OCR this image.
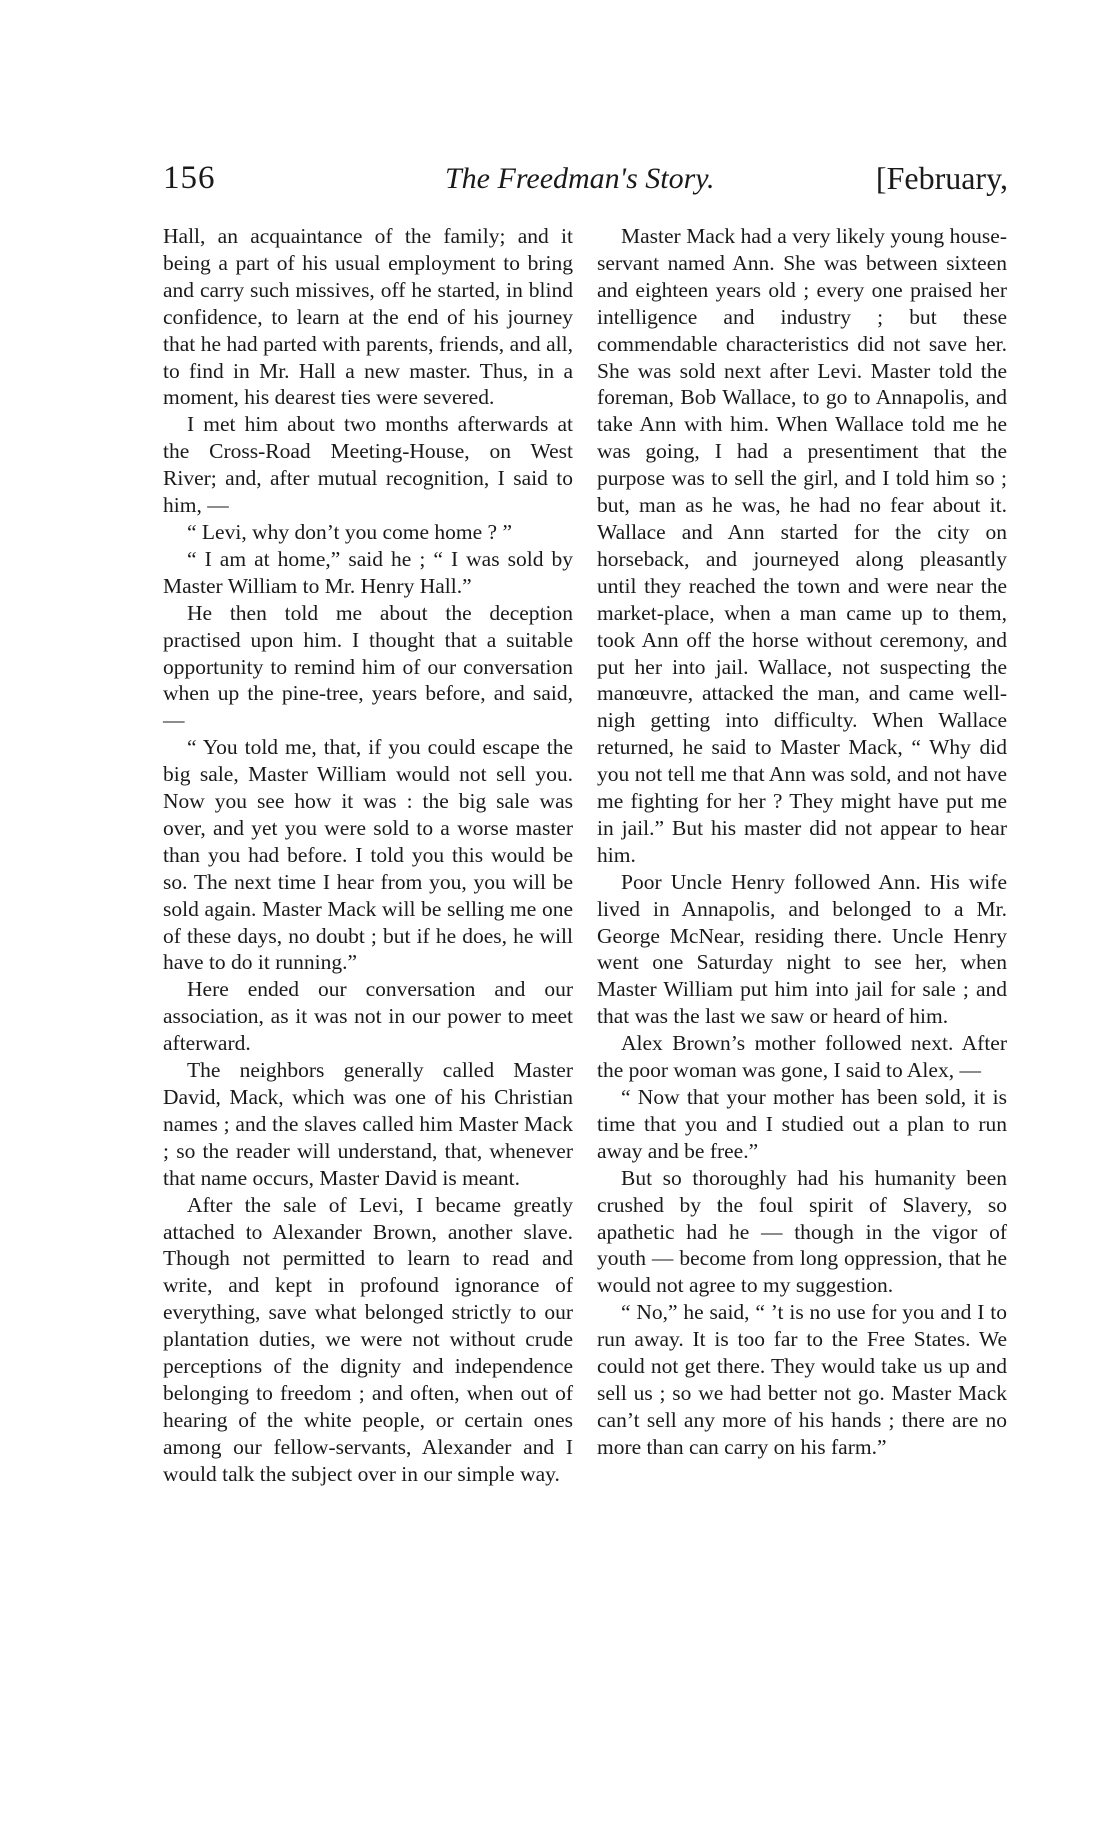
156	The Freedman's Story.	[February,

Hall, an acquaintance of the family; and it being a part of his usual employment to bring and carry such missives, off he started, in blind confidence, to learn at the end of his journey that he had parted with parents, friends, and all, to find in Mr. Hall a new master. Thus, in a moment, his dearest ties were severed.

I met him about two months afterwards at the Cross-Road Meeting-House, on West River; and, after mutual recognition, I said to him, —

“ Levi, why don’t you come home ? ”

“ I am at home,” said he ; “ I was sold by Master William to Mr. Henry Hall.”

He then told me about the deception practised upon him. I thought that a suitable opportunity to remind him of our conversation when up the pine-tree, years before, and said, —

“ You told me, that, if you could escape the big sale, Master William would not sell you. Now you see how it was : the big sale was over, and yet you were sold to a worse master than you had before. I told you this would be so. The next time I hear from you, you will be sold again. Master Mack will be selling me one of these days, no doubt ; but if he does, he will have to do it running.”

Here ended our conversation and our association, as it was not in our power to meet afterward.

The neighbors generally called Master David, Mack, which was one of his Christian names ; and the slaves called him Master Mack ; so the reader will understand, that, whenever that name occurs, Master David is meant.

After the sale of Levi, I became greatly attached to Alexander Brown, another slave. Though not permitted to learn to read and write, and kept in profound ignorance of everything, save what belonged strictly to our plantation duties, we were not without crude perceptions of the dignity and independence belonging to freedom ; and often, when out of hearing of the white people, or certain ones among our fellow-servants, Alexander and I would talk the subject over in our simple way.

Master Mack had a very likely young house-servant named Ann. She was between sixteen and eighteen years old ; every one praised her intelligence and industry ; but these commendable characteristics did not save her. She was sold next after Levi. Master told the foreman, Bob Wallace, to go to Annapolis, and take Ann with him. When Wallace told me he was going, I had a presentiment that the purpose was to sell the girl, and I told him so ; but, man as he was, he had no fear about it. Wallace and Ann started for the city on horseback, and journeyed along pleasantly until they reached the town and were near the market-place, when a man came up to them, took Ann off the horse without ceremony, and put her into jail. Wallace, not suspecting the manœuvre, attacked the man, and came well-nigh getting into difficulty. When Wallace returned, he said to Master Mack, “ Why did you not tell me that Ann was sold, and not have me fighting for her ? They might have put me in jail.” But his master did not appear to hear him.

Poor Uncle Henry followed Ann. His wife lived in Annapolis, and belonged to a Mr. George McNear, residing there. Uncle Henry went one Saturday night to see her, when Master William put him into jail for sale ; and that was the last we saw or heard of him.

Alex Brown’s mother followed next. After the poor woman was gone, I said to Alex, —

“ Now that your mother has been sold, it is time that you and I studied out a plan to run away and be free.”

But so thoroughly had his humanity been crushed by the foul spirit of Slavery, so apathetic had he — though in the vigor of youth — become from long oppression, that he would not agree to my suggestion.

“ No,” he said, “ ’t is no use for you and I to run away. It is too far to the Free States. We could not get there. They would take us up and sell us ; so we had better not go. Master Mack can’t sell any more of his hands ; there are no more than can carry on his farm.”
